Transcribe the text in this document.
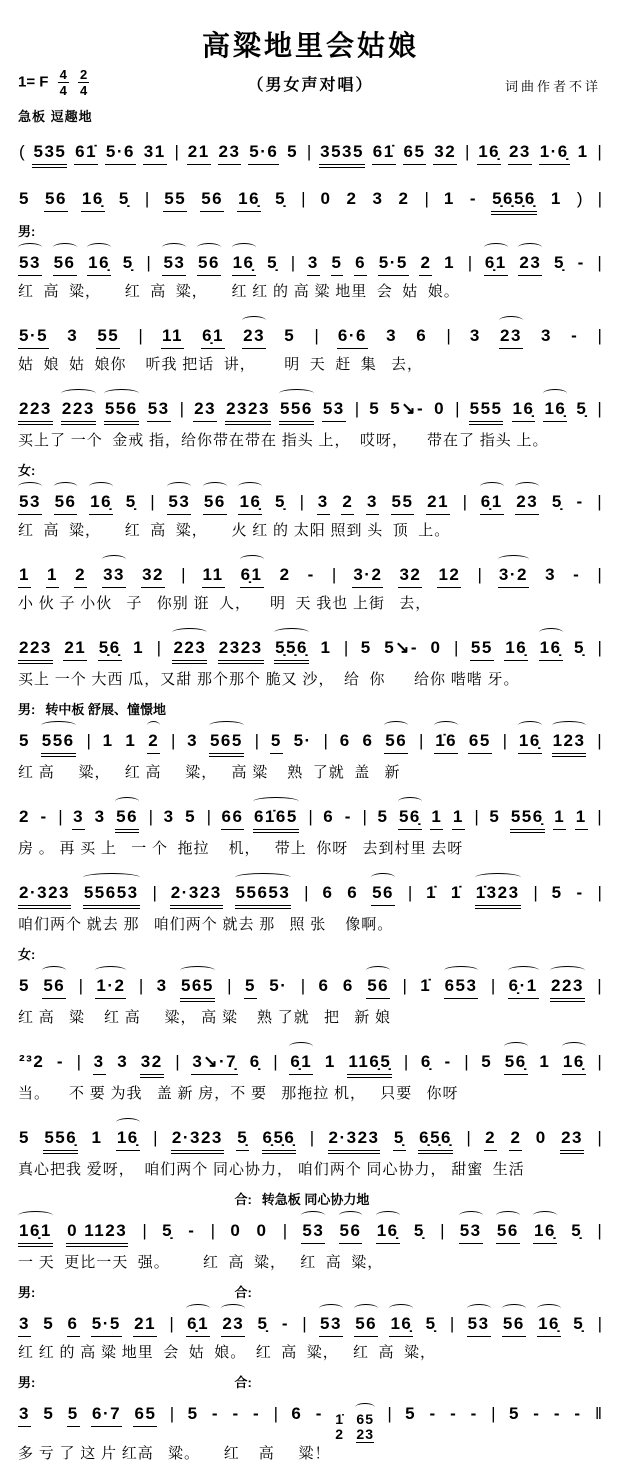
高粱地里会姑娘
1= F $\frac{4}{4}$
$\frac{2}{4}$	（男女声对唱）	词曲作者不详
急板 逗趣地
( 535 61̇ 5·6 31 | 21 23 5·6 5 | 3535 61̇ 65 32 | 16̣ 23 1·6̣ 1 |
5 56 16̣ 5̣ | 55 56 16̣ 5̣ | 0 2 3 2 | 1 - 5̣6̣5̣6̣ 1 ) |
男:
53 56 16̣ 5̣ | 53 56 16̣ 5̣ | 3 5 6 5·5 2 1 | 6̣1 23 5̣ - |
红  高  粱，     红  高  粱，     红 红 的 高 粱 地里  会  姑  娘。
5·5 3 55 | 11 6̣1 23 5 | 6·6 3 6 | 3 23 3 - |
姑  娘  姑  娘你    听我 把话  讲，      明  天  赶  集   去，
223 223 556 53 | 23 2323 556 53 | 5 5↘- 0 | 555 16̣ 16̣ 5̣ |
买上了 一个  金戒 指，给你带在带在 指头 上，  哎呀，    带在了 指头 上。
女:
53 56 16̣ 5̣ | 53 56 16̣ 5̣ | 3 2 3 55 21 | 6̣1 23 5̣ - |
红  高  粱，     红  高  粱，     火 红 的 太阳 照到 头  顶  上。
1 1 2 33 32 | 11 6̣1 2 - | 3·2 32 12 | 3·2 3 - |
小 伙 子 小伙   子   你别 诳  人，    明  天 我也 上街   去，
223 21 5̣6̣ 1 | 223 2323 5̣5̣6̣ 1 | 5 5↘- 0 | 55 16̣ 16̣ 5̣ |
买上 一个 大西 瓜，又甜 那个那个 脆又 沙，  给  你      给你 喈喈 牙。
男: 转中板 舒展、憧憬地
5 556 | 1 1 2 | 3 565 | 5 5· | 6 6 56 | 1̇6 65 | 16̣ 123 |
红 高     粱，   红 高     粱，   高 粱    熟  了就  盖   新
2 - | 3 3 56 | 3 5 | 66 61̇65 | 6 - | 5 56̣ 1 1 | 5 556̣ 1 1 |
房 。 再 买 上   一 个  拖拉    机，   带上  你呀   去到村里 去呀
2·323 55653 | 2·323 55653 | 6 6 56 | 1̇ 1̇ 1̇323 | 5 - |
咱们两个 就去 那   咱们两个 就去 那   照 张    像啊。
女:
5 56 | 1·2 | 3 565 | 5 5· | 6 6 56 | 1̇ 653 | 6̣·1 223 |
红 高   粱    红 高     粱， 高 粱    熟 了就   把   新 娘
²³2 - | 3 3 32 | 3↘·7̣ 6̣ | 6̣1 1 116̣5̣ | 6̣ - | 5 56̣ 1 16̣ |
当。    不 要 为我   盖 新 房，不 要   那拖拉 机，   只要   你呀
5 556̣ 1 16̣ | 2·323 5̣ 6̣5̣6̣ | 2·323 5̣ 6̣5̣6̣ | 2 2 0 23 |
真心把我 爱呀，  咱们两个 同心协力， 咱们两个 同心协力， 甜蜜  生活
合: 转急板 同心协力地
16̣1 0 1123 | 5̣ - | 0 0 | 53 56 16̣ 5̣ | 53 56 16̣ 5̣ |
一 天  更比一天  强。       红  高  粱，   红  高  粱，
男:	合:
3 5 6 5·5 21 | 6̣1 23 5̣ - | 53 56 16̣ 5̣ | 53 56 16̣ 5̣ |
红 红 的 高 粱 地里  会  姑  娘。  红  高  粱，   红  高  粱，
男:	合:
3 5 5 6·7 65 | 5 - - - | 6 - 1̇
2
65
23
| 5 - - - | 5 - - - ‖
多 亏 了 这 片 红高   粱。     红    高     粱！
